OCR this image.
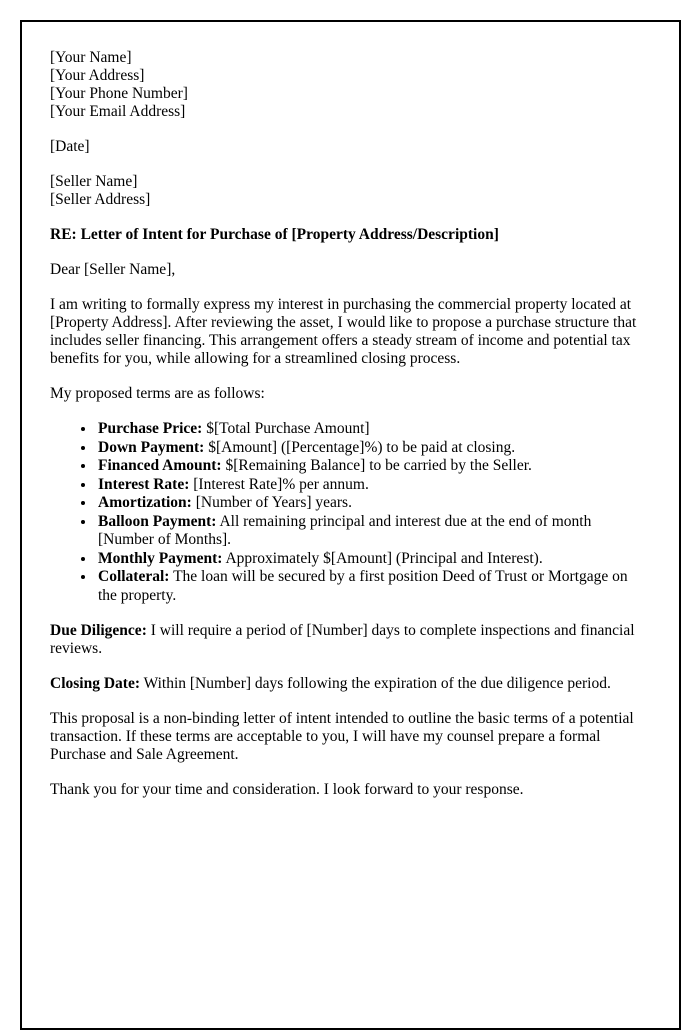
[Your Name]
[Your Address]
[Your Phone Number]
[Your Email Address]

[Date]

[Seller Name]
[Seller Address]

RE: Letter of Intent for Purchase of [Property Address/Description]

Dear [Seller Name],

I am writing to formally express my interest in purchasing the commercial property located at [Property Address]. After reviewing the asset, I would like to propose a purchase structure that includes seller financing. This arrangement offers a steady stream of income and potential tax benefits for you, while allowing for a streamlined closing process.

My proposed terms are as follows:

• Purchase Price: $[Total Purchase Amount]
• Down Payment: $[Amount] ([Percentage]%) to be paid at closing.
• Financed Amount: $[Remaining Balance] to be carried by the Seller.
• Interest Rate: [Interest Rate]% per annum.
• Amortization: [Number of Years] years.
• Balloon Payment: All remaining principal and interest due at the end of month [Number of Months].
• Monthly Payment: Approximately $[Amount] (Principal and Interest).
• Collateral: The loan will be secured by a first position Deed of Trust or Mortgage on the property.

Due Diligence: I will require a period of [Number] days to complete inspections and financial reviews.

Closing Date: Within [Number] days following the expiration of the due diligence period.

This proposal is a non-binding letter of intent intended to outline the basic terms of a potential transaction. If these terms are acceptable to you, I will have my counsel prepare a formal Purchase and Sale Agreement.

Thank you for your time and consideration. I look forward to your response.
